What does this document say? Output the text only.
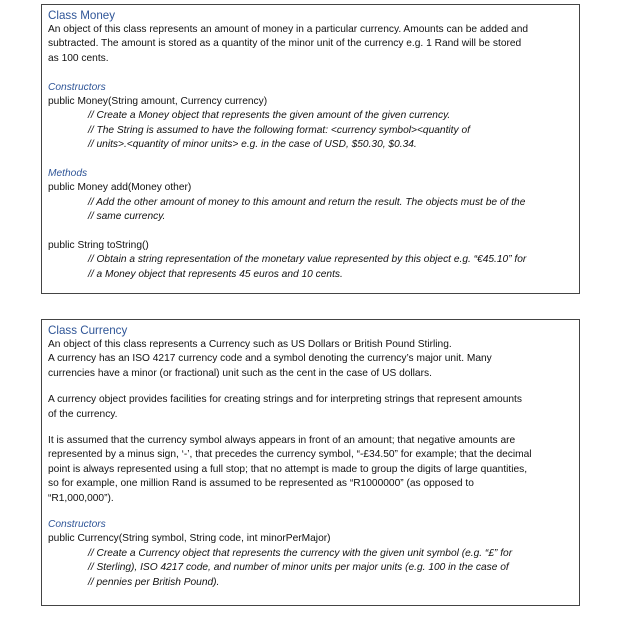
Class Money
An object of this class represents an amount of money in a particular currency. Amounts can be added and
subtracted. The amount is stored as a quantity of the minor unit of the currency e.g. 1 Rand will be stored
as 100 cents.
Constructors
public Money(String amount, Currency currency)
// Create a Money object that represents the given amount of the given currency.
// The String is assumed to have the following format: <currency symbol><quantity of
// units>.<quantity of minor units> e.g. in the case of USD, $50.30, $0.34.
Methods
public Money add(Money other)
// Add the other amount of money to this amount and return the result. The objects must be of the
// same currency.
public String toString()
// Obtain a string representation of the monetary value represented by this object e.g. “€45.10” for
// a Money object that represents 45 euros and 10 cents.
Class Currency
An object of this class represents a Currency such as US Dollars or British Pound Stirling.
A currency has an ISO 4217 currency code and a symbol denoting the currency’s major unit. Many
currencies have a minor (or fractional) unit such as the cent in the case of US dollars.
A currency object provides facilities for creating strings and for interpreting strings that represent amounts
of the currency.
It is assumed that the currency symbol always appears in front of an amount; that negative amounts are
represented by a minus sign, ‘-’, that precedes the currency symbol, “-£34.50” for example; that the decimal
point is always represented using a full stop; that no attempt is made to group the digits of large quantities,
so for example, one million Rand is assumed to be represented as “R1000000” (as opposed to
“R1,000,000”).
Constructors
public Currency(String symbol, String code, int minorPerMajor)
// Create a Currency object that represents the currency with the given unit symbol (e.g. “£” for
// Sterling), ISO 4217 code, and number of minor units per major units (e.g. 100 in the case of
// pennies per British Pound).
